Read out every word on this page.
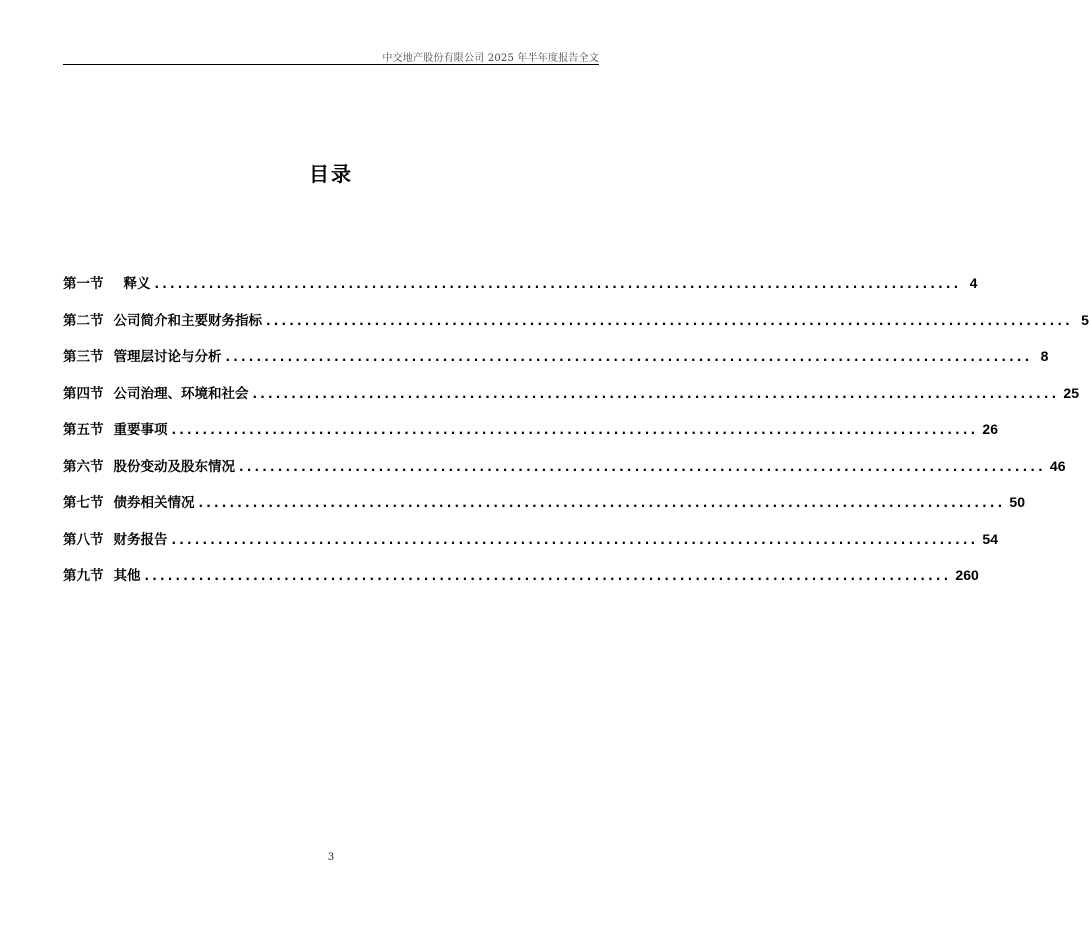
中交地产股份有限公司 2025 年半年度报告全文
目录
第一节 释义 ........................................................................................................ 4
第二节 公司简介和主要财务指标 ........................................................................................................ 5
第三节 管理层讨论与分析 ........................................................................................................ 8
第四节 公司治理、环境和社会 ........................................................................................................ 25
第五节 重要事项 ........................................................................................................ 26
第六节 股份变动及股东情况 ........................................................................................................ 46
第七节 债券相关情况 ........................................................................................................ 50
第八节 财务报告 ........................................................................................................ 54
第九节 其他 ........................................................................................................ 260
3
